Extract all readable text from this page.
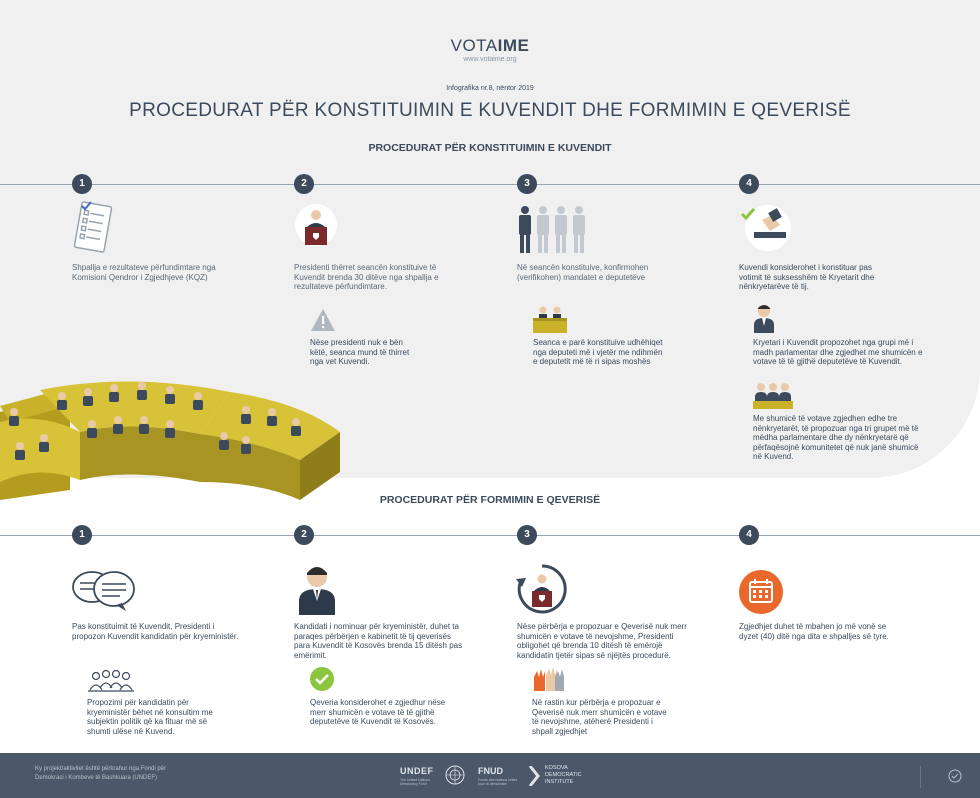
VOTAIME
www.votaime.org
Infografika nr.8, nëntor 2019
PROCEDURAT PËR KONSTITUIMIN E KUVENDIT DHE FORMIMIN E QEVERISË
PROCEDURAT PËR KONSTITUIMIN E KUVENDIT
1	2	3	4
Shpallja e rezultateve përfundimtare nga Komisioni Qendror i Zgjedhjeve (KQZ)
Presidenti thërret seancën konstituive të Kuvendit brenda 30 ditëve nga shpallja e rezultateve përfundimtare.
Nëse presidenti nuk e bën këtë, seanca mund të thirret nga vet Kuvendi.
Në seancën konstituive, konfirmohen (verifikohen) mandatet e deputetëve
Seanca e parë konstituive udhëhiqet nga deputeti më i vjetër me ndihmën e deputetit më të ri sipas moshës
Kuvendi konsiderohet i konstituar pas votimit të suksesshëm të Kryetarit dhe nënkryetarëve të tij.
Kryetari i Kuvendit propozohet nga grupi më i madh parlamentar dhe zgjedhet me shumicën e votave të të gjithë deputetëve të Kuvendit.
Me shumicë të votave zgjedhen edhe tre nënkryetarët, të propozuar nga tri grupet më të mëdha parlamentare dhe dy nënkryetarë që përfaqësojnë komunitetet që nuk janë shumicë në Kuvend.
PROCEDURAT PËR FORMIMIN E QEVERISË
1	2	3	4
Pas konstituimit të Kuvendit, Presidenti i propozon Kuvendit kandidatin për kryeministër.
Propozimi për kandidatin për kryeministër bëhet në konsultim me subjektin politik që ka fituar më së shumti ulëse në Kuvend.
Kandidati i nominuar për kryeministër, duhet ta paraqes përbërjen e kabinetit të tij qeverisës para Kuvendit të Kosovës brenda 15 ditësh pas emërimit.
Qeveria konsiderohet e zgjedhur nëse merr shumicën e votave të të gjithë deputetëve të Kuvendit të Kosovës.
Nëse përbërja e propozuar e Qeverisë nuk merr shumicën e votave të nevojshme, Presidenti obligohet që brenda 10 ditësh të emërojë kandidatin tjetër sipas së njëjtës procedurë.
Në rastin kur përbërja e propozuar e Qeverisë nuk merr shumicën e votave të nevojshme, atëherë Presidenti i shpall zgjedhjet
Zgjedhjet duhet të mbahen jo më vonë se dyzet (40) ditë nga dita e shpalljes së tyre.
Ky projekt/aktivitet është përkrahur nga Fondi për Demokraci i Kombeve të Bashkuara (UNDEF)
UNDEF
The United Nations Democracy Fund
FNUD
Fonds des Nations Unies pour la démocratie
KOSOVA DEMOCRATIC INSTITUTE
